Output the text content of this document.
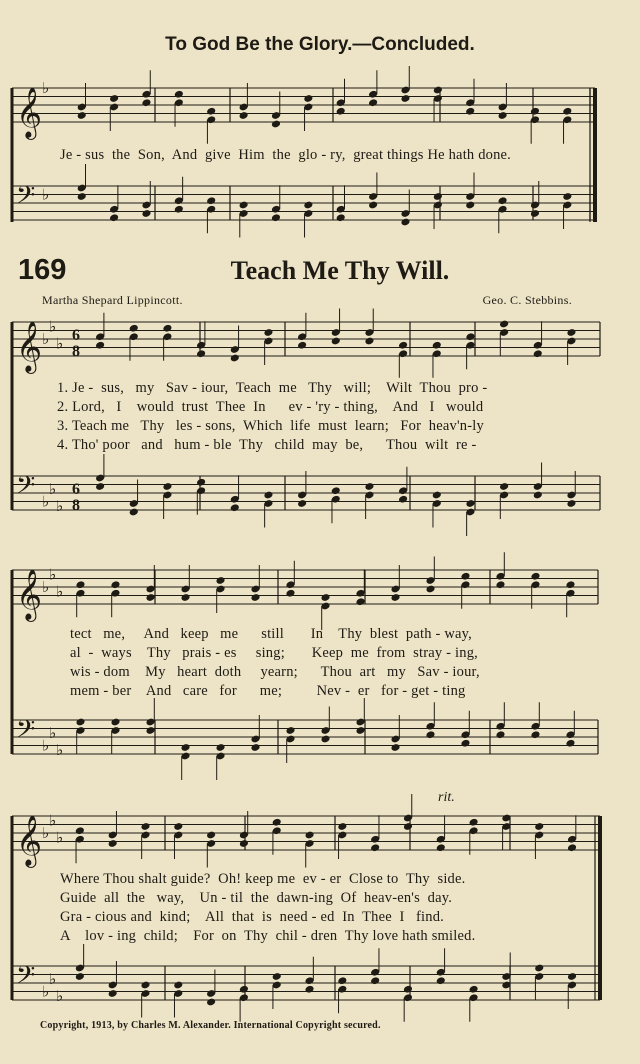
𝄞 ♭
𝄢 ♭
𝄞 ♭
♭
♭
𝄢 ♭
♭
♭
6
8
6
8
𝄞 ♭
♭
♭
𝄢 ♭
♭
♭
𝄞 ♭
♭
♭
𝄢 ♭
♭
♭
To God Be the Glory.—Concluded.
Je - sus  the  Son,  And  give  Him  the  glo - ry,  great things He hath done.
169	Teach Me Thy Will.
Martha Shepard Lippincott.	Geo. C. Stebbins.
1. Je -  sus,   my   Sav - iour,  Teach  me   Thy   will;    Wilt  Thou  pro -
2. Lord,   I    would  trust  Thee  In      ev - 'ry - thing,    And   I   would
3. Teach me   Thy   les - sons,  Which  life  must  learn;   For  heav'n-ly
4. Tho' poor   and   hum - ble  Thy   child  may  be,      Thou  wilt  re -
tect   me,     And   keep   me      still       In    Thy  blest  path - way,
al  -  ways    Thy   prais - es     sing;       Keep  me  from  stray - ing,
wis - dom    My   heart  doth     yearn;      Thou  art   my   Sav - iour,
mem - ber    And   care   for      me;         Nev -  er   for - get - ting
rit.
Where Thou shalt guide?  Oh! keep me  ev - er  Close to  Thy  side.
Guide  all  the   way,    Un - til  the  dawn-ing  Of  heav-en's  day.
Gra - cious and  kind;    All  that  is  need - ed  In  Thee  I   find.
A    lov - ing  child;    For  on  Thy  chil - dren  Thy love hath smiled.
Copyright, 1913, by Charles M. Alexander. International Copyright secured.
